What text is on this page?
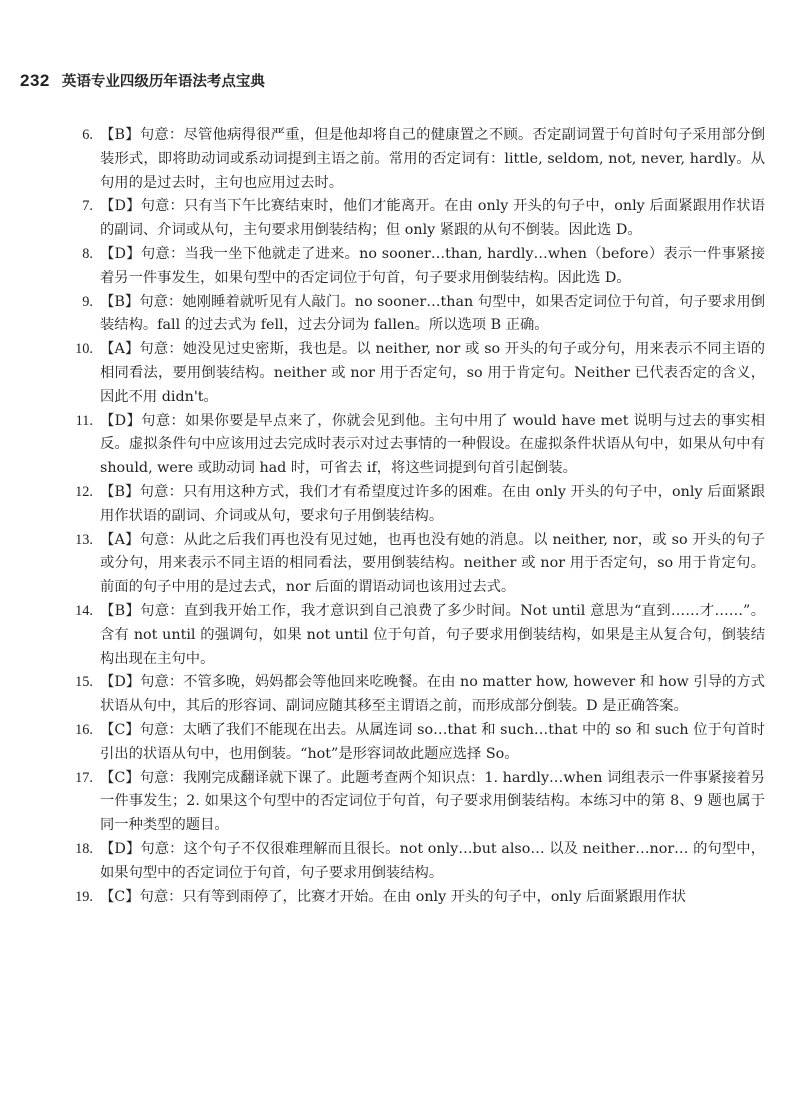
232 英语专业四级历年语法考点宝典
6. 【B】句意：尽管他病得很严重，但是他却将自己的健康置之不顾。否定副词置于句首时句子采用部分倒装形式，即将助动词或系动词提到主语之前。常用的否定词有：little, seldom, not, never, hardly。从句用的是过去时，主句也应用过去时。
7. 【D】句意：只有当下午比赛结束时，他们才能离开。在由 only 开头的句子中，only 后面紧跟用作状语的副词、介词或从句，主句要求用倒装结构；但 only 紧跟的从句不倒装。因此选 D。
8. 【D】句意：当我一坐下他就走了进来。no sooner…than, hardly…when（before）表示一件事紧接着另一件事发生，如果句型中的否定词位于句首，句子要求用倒装结构。因此选 D。
9. 【B】句意：她刚睡着就听见有人敲门。no sooner…than 句型中，如果否定词位于句首，句子要求用倒装结构。fall 的过去式为 fell，过去分词为 fallen。所以选项 B 正确。
10. 【A】句意：她没见过史密斯，我也是。以 neither, nor 或 so 开头的句子或分句，用来表示不同主语的相同看法，要用倒装结构。neither 或 nor 用于否定句，so 用于肯定句。Neither 已代表否定的含义，因此不用 didn't。
11. 【D】句意：如果你要是早点来了，你就会见到他。主句中用了 would have met 说明与过去的事实相反。虚拟条件句中应该用过去完成时表示对过去事情的一种假设。在虚拟条件状语从句中，如果从句中有 should, were 或助动词 had 时，可省去 if，将这些词提到句首引起倒装。
12. 【B】句意：只有用这种方式，我们才有希望度过许多的困难。在由 only 开头的句子中，only 后面紧跟用作状语的副词、介词或从句，要求句子用倒装结构。
13. 【A】句意：从此之后我们再也没有见过她，也再也没有她的消息。以 neither, nor，或 so 开头的句子或分句，用来表示不同主语的相同看法，要用倒装结构。neither 或 nor 用于否定句，so 用于肯定句。前面的句子中用的是过去式，nor 后面的谓语动词也该用过去式。
14. 【B】句意：直到我开始工作，我才意识到自己浪费了多少时间。Not until 意思为“直到……才……”。含有 not until 的强调句，如果 not until 位于句首，句子要求用倒装结构，如果是主从复合句，倒装结构出现在主句中。
15. 【D】句意：不管多晚，妈妈都会等他回来吃晚餐。在由 no matter how, however 和 how 引导的方式状语从句中，其后的形容词、副词应随其移至主谓语之前，而形成部分倒装。D 是正确答案。
16. 【C】句意：太晒了我们不能现在出去。从属连词 so…that 和 such…that 中的 so 和 such 位于句首时引出的状语从句中，也用倒装。“hot”是形容词故此题应选择 So。
17. 【C】句意：我刚完成翻译就下课了。此题考查两个知识点：1. hardly…when 词组表示一件事紧接着另一件事发生；2. 如果这个句型中的否定词位于句首，句子要求用倒装结构。本练习中的第 8、9 题也属于同一种类型的题目。
18. 【D】句意：这个句子不仅很难理解而且很长。not only…but also… 以及 neither…nor… 的句型中，如果句型中的否定词位于句首，句子要求用倒装结构。
19. 【C】句意：只有等到雨停了，比赛才开始。在由 only 开头的句子中，only 后面紧跟用作状
